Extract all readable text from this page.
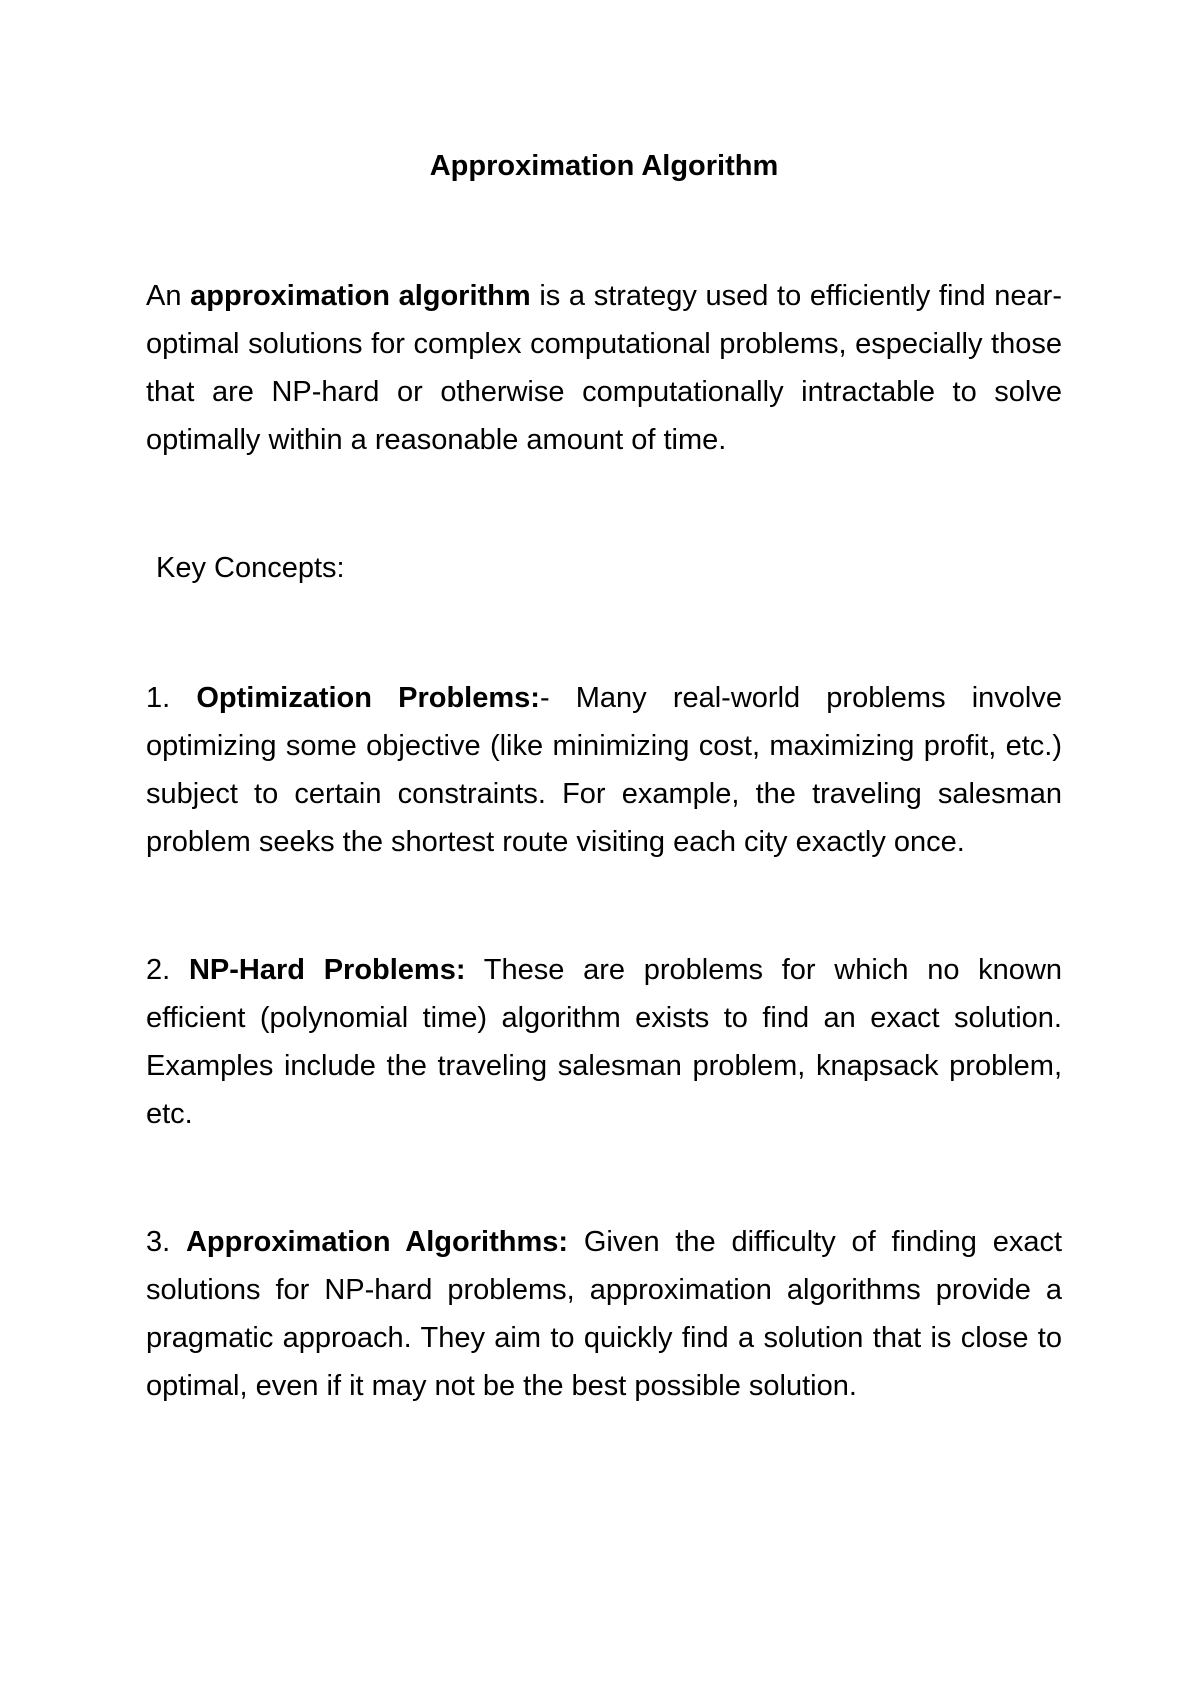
Approximation Algorithm

An approximation algorithm is a strategy used to efficiently find near-optimal solutions for complex computational problems, especially those that are NP-hard or otherwise computationally intractable to solve optimally within a reasonable amount of time.

Key Concepts:

1. Optimization Problems:- Many real-world problems involve optimizing some objective (like minimizing cost, maximizing profit, etc.) subject to certain constraints. For example, the traveling salesman problem seeks the shortest route visiting each city exactly once.

2. NP-Hard Problems: These are problems for which no known efficient (polynomial time) algorithm exists to find an exact solution. Examples include the traveling salesman problem, knapsack problem, etc.

3. Approximation Algorithms: Given the difficulty of finding exact solutions for NP-hard problems, approximation algorithms provide a pragmatic approach. They aim to quickly find a solution that is close to optimal, even if it may not be the best possible solution.
